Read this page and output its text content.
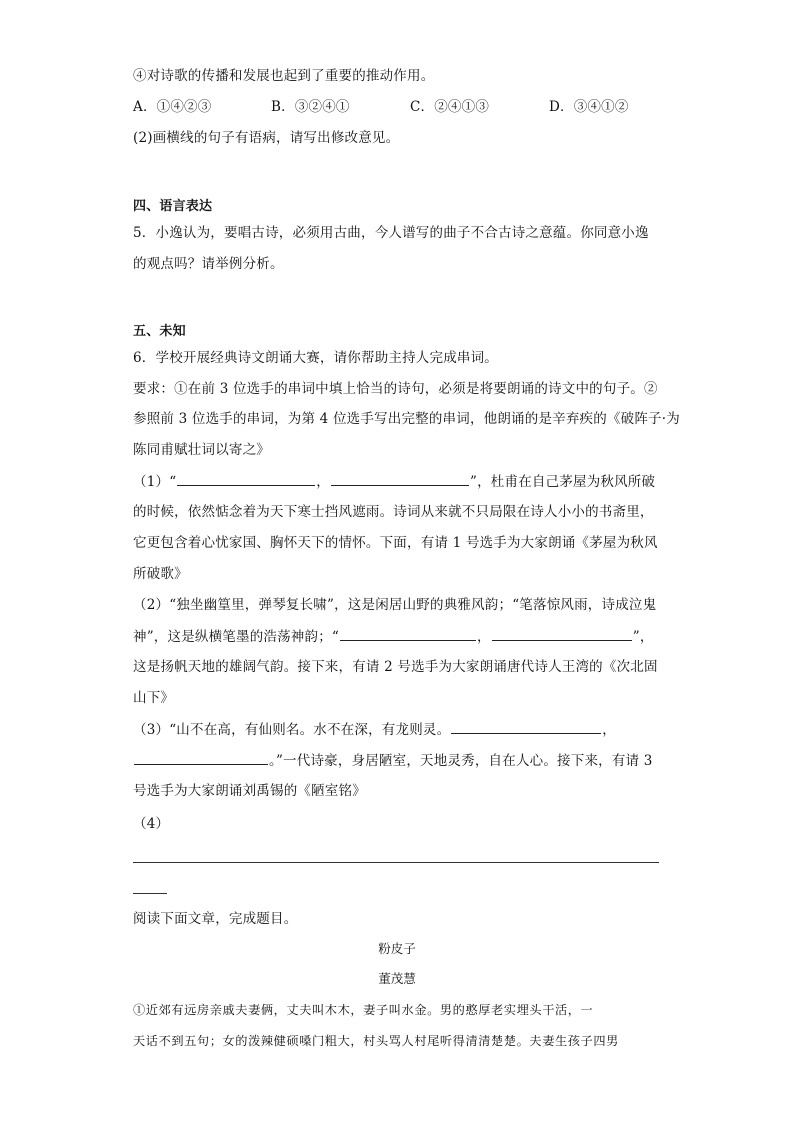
④对诗歌的传播和发展也起到了重要的推动作用。
A．①④②③	B．③②④①	C．②④①③	D．③④①②
(2)画横线的句子有语病，请写出修改意见。
四、语言表达
5．小逸认为，要唱古诗，必须用古曲，今人谱写的曲子不合古诗之意蕴。你同意小逸
的观点吗？请举例分析。
五、未知
6．学校开展经典诗文朗诵大赛，请你帮助主持人完成串词。
要求：①在前 3 位选手的串词中填上恰当的诗句，必须是将要朗诵的诗文中的句子。②
参照前 3 位选手的串词，为第 4 位选手写出完整的串词，他朗诵的是辛弃疾的《破阵子·为
陈同甫赋壮词以寄之》
（1）“	，	”，杜甫在自己茅屋为秋风所破
的时候，依然惦念着为天下寒士挡风遮雨。诗词从来就不只局限在诗人小小的书斋里，
它更包含着心忧家国、胸怀天下的情怀。下面，有请 1 号选手为大家朗诵《茅屋为秋风
所破歌》
（2）“独坐幽篁里，弹琴复长啸”，这是闲居山野的典雅风韵；“笔落惊风雨，诗成泣鬼
神”，这是纵横笔墨的浩荡神韵；“	，	”，
这是扬帆天地的雄阔气韵。接下来，有请 2 号选手为大家朗诵唐代诗人王湾的《次北固
山下》
（3）“山不在高，有仙则名。水不在深，有龙则灵。	，
。”一代诗豪，身居陋室，天地灵秀，自在人心。接下来，有请 3
号选手为大家朗诵刘禹锡的《陋室铭》
（4）
阅读下面文章，完成题目。
粉皮子
董茂慧
①近郊有远房亲戚夫妻俩，丈夫叫木木，妻子叫水金。男的憨厚老实埋头干活，一
天话不到五句；女的泼辣健硕嗓门粗大，村头骂人村尾听得清清楚楚。夫妻生孩子四男
